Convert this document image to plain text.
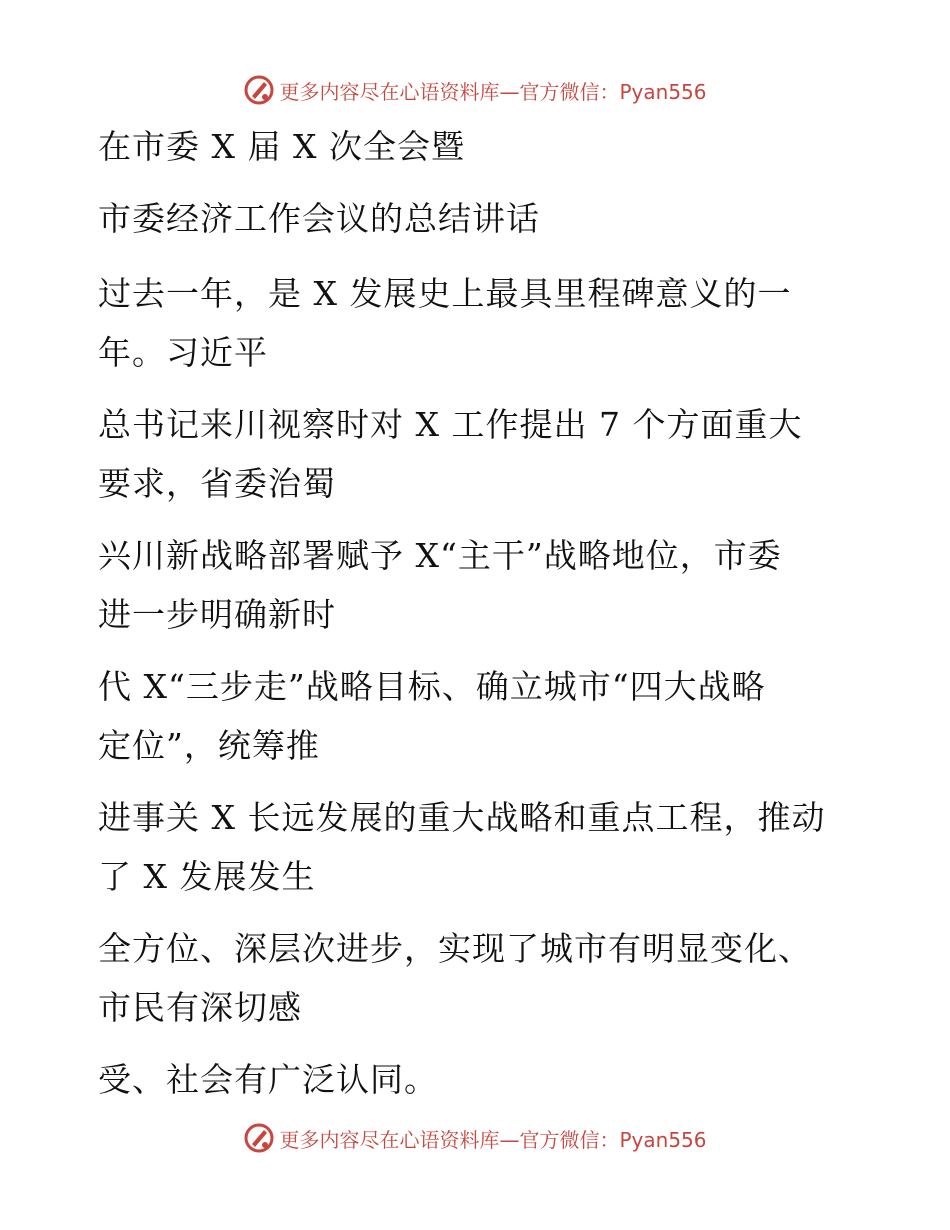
更多内容尽在心语资料库—官方微信：Pyan556
在市委 X 届 X 次全会暨
市委经济工作会议的总结讲话
过去一年，是 X 发展史上最具里程碑意义的一
年。习近平
总书记来川视察时对 X 工作提出 7 个方面重大
要求，省委治蜀
兴川新战略部署赋予 X“主干”战略地位，市委
进一步明确新时
代 X“三步走”战略目标、确立城市“四大战略
定位”，统筹推
进事关 X 长远发展的重大战略和重点工程，推动
了 X 发展发生
全方位、深层次进步，实现了城市有明显变化、
市民有深切感
受、社会有广泛认同。
更多内容尽在心语资料库—官方微信：Pyan556
